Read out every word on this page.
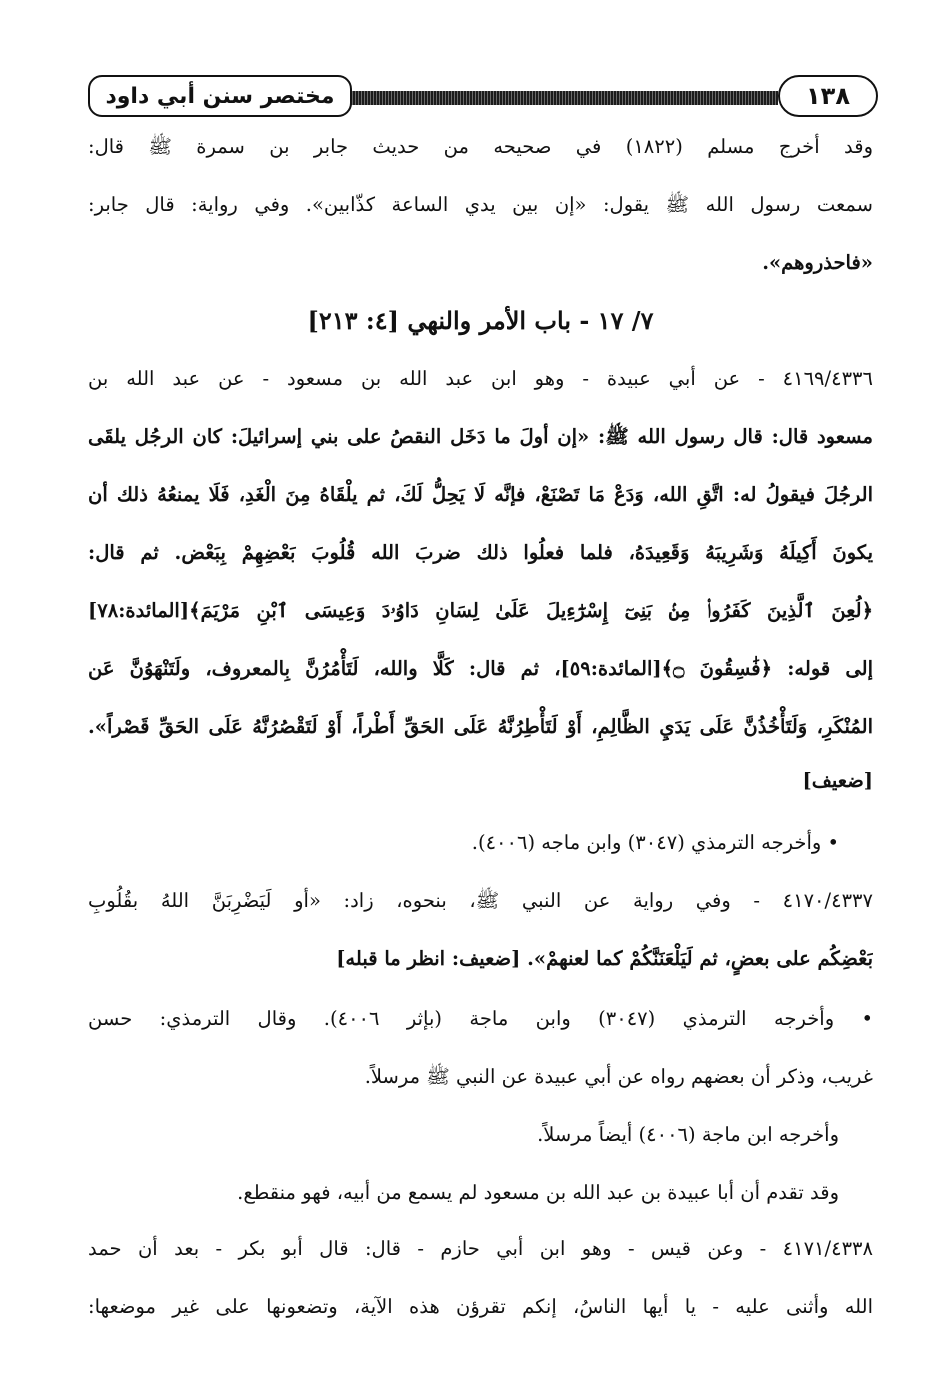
مختصر سنن أبي داود	١٣٨
وقد أخرج مسلم (١٨٢٢) في صحيحه من حديث جابر بن سمرة ﷺ قال:
سمعت رسول الله ﷺ يقول: «إن بين يدي الساعة كذّابين». وفي رواية: قال جابر:
«فاحذروهم».
٧/ ١٧ - باب الأمر والنهي [٤: ٢١٣]
٤١٦٩/٤٣٣٦ - عن أبي عبيدة - وهو ابن عبد الله بن مسعود - عن عبد الله بن
مسعود قال: قال رسول الله ﷺ: «إن أولَ ما دَخَل النقصُ على بني إسرائيلَ: كان الرجُل يلقَى
الرجُلَ فيقولُ له: اتَّقِ الله، وَدَعْ مَا تَصْنَعْ، فإنَّه لَا يَحِلُّ لَكَ، ثم يلْقَاهُ مِنَ الْغَدِ، فَلَا يمنعُهُ ذلك أن
يكونَ أَكِيلَهُ وَشَرِيبَهُ وَقَعِيدَهُ، فلما فعلُوا ذلك ضربَ الله قُلُوبَ بَعْضِهِمْ بِبَعْض. ثم قال:
﴿لُعِنَ ٱلَّذِينَ كَفَرُوا۟ مِنۢ بَنِىٓ إِسْرَٰٓءِيلَ عَلَىٰ لِسَانِ دَاوُۥدَ وَعِيسَى ٱبْنِ مَرْيَمَ﴾[المائدة:٧٨]
إلى قوله: ﴿فَٰسِقُونَ ۝﴾[المائدة:٥٩]، ثم قال: كَلَّا والله، لَتَأْمُرُنَّ بِالمعروف، ولَتَنْهَوُنَّ عَن
المُنْكَرِ، وَلَتَأْخُذُنَّ عَلَى يَدَيِ الظَّالِمِ، أَوْ لَتَأْطِرُنَّهُ عَلَى الحَقِّ أَطْراً، أَوْ لَتَقْصُرُنَّهُ عَلَى الحَقِّ قَصْراً».
[ضعيف]
• وأخرجه الترمذي (٣٠٤٧) وابن ماجه (٤٠٠٦).
٤١٧٠/٤٣٣٧ - وفي رواية عن النبي ﷺ، بنحوه، زاد: «أو لَيَضْرِبَنَّ اللهُ بقُلُوبِ
بَعْضِكُم على بعضٍ، ثم لَيَلْعَنَنَّكُمْ كما لعنهمْ». [ضعيف: انظر ما قبله]
• وأخرجه الترمذي (٣٠٤٧) وابن ماجة (بإثر ٤٠٠٦). وقال الترمذي: حسن
غريب، وذكر أن بعضهم رواه عن أبي عبيدة عن النبي ﷺ مرسلاً.
وأخرجه ابن ماجة (٤٠٠٦) أيضاً مرسلاً.
وقد تقدم أن أبا عبيدة بن عبد الله بن مسعود لم يسمع من أبيه، فهو منقطع.
٤١٧١/٤٣٣٨ - وعن قيس - وهو ابن أبي حازم - قال: قال أبو بكر - بعد أن حمد
الله وأثنى عليه - يا أيها الناسُ، إنكم تقرؤن هذه الآية، وتضعونها على غير موضعها:
